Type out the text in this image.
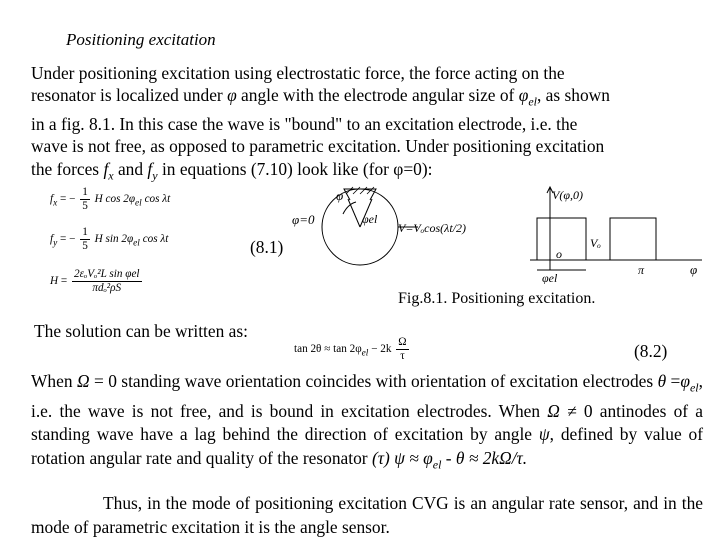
Positioning excitation
Under positioning excitation using electrostatic force, the force acting on the
resonator is localized under φ angle with the electrode angular size of $\varphi_{el}$, as shown
in a fig. 8.1. In this case the wave is "bound" to an excitation electrode, i.e. the
wave is not free, as opposed to parametric excitation. Under positioning excitation
the forces $f_x$ and $f_y$ in equations (7.10) look like (for φ=0):
$f_x$ = − $\frac{1}{5}$ H $\cos 2\varphi_{el}$ cos λt
$f_y$ = − $\frac{1}{5}$ H $\sin 2\varphi_{el}$ cos λt
$H = \frac{\text{2εₒVₒ²L sin φel}}{\text{πdₒ²ρS}}$
(8.1)
φ
φ=0	φel
V=Vₒcos(λt/2)
V(φ,0)
Vₒ
o
φel
π	φ
Fig.8.1. Positioning excitation.
The solution can be written as:
$\tan 2\theta \approx \tan 2\varphi_{el} - 2k \frac{\Omega}{\tau}$	(8.2)
When Ω = 0 standing wave orientation coincides with orientation of excitation electrodes $\theta =\varphi_{el}$, i.e. the wave is not free, and is bound in excitation electrodes. When Ω ≠ 0 antinodes of a standing wave have a lag behind the direction of excitation by angle ψ, defined by value of rotation angular rate and quality of the resonator (τ) $\psi \approx \varphi_{el} - \theta \approx 2k\Omega/\tau$.
Thus, in the mode of positioning excitation CVG is an angular rate sensor, and in the mode of parametric excitation it is the angle sensor.
